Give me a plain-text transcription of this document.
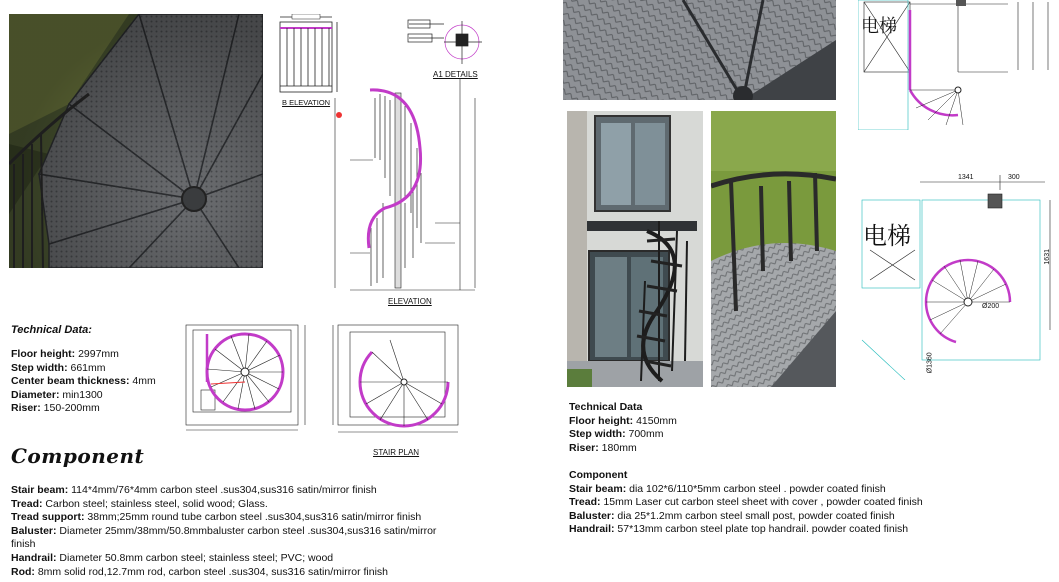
B ELEVATION
A1 DETAILS
ELEVATION
Technical Data:
Floor height: 2997mm
Step width: 661mm
Center beam thickness: 4mm
Diameter: min1300
Riser: 150-200mm
STAIR PLAN
Component
Stair beam: 114*4mm/76*4mm carbon steel .sus304,sus316 satin/mirror finish
Tread: Carbon steel; stainless steel, solid wood; Glass.
Tread support: 38mm;25mm round tube carbon steel .sus304,sus316 satin/mirror finish
Baluster: Diameter 25mm/38mm/50.8mmbaluster carbon steel .sus304,sus316 satin/mirror
finish
Handrail: Diameter 50.8mm carbon steel; stainless steel; PVC; wood
Rod: 8mm solid rod,12.7mm rod, carbon steel .sus304, sus316 satin/mirror finish
Technical Data
Floor height: 4150mm
Step width: 700mm
Riser: 180mm
Component
Stair beam: dia 102*6/110*5mm carbon steel . powder coated finish
Tread: 15mm Laser cut carbon steel sheet with cover , powder coated finish
Baluster: dia 25*1.2mm carbon steel small post, powder coated finish
Handrail: 57*13mm carbon steel plate top handrail. powder coated finish
电梯
电梯
1341	300
1631
Ø200
Ø1360
